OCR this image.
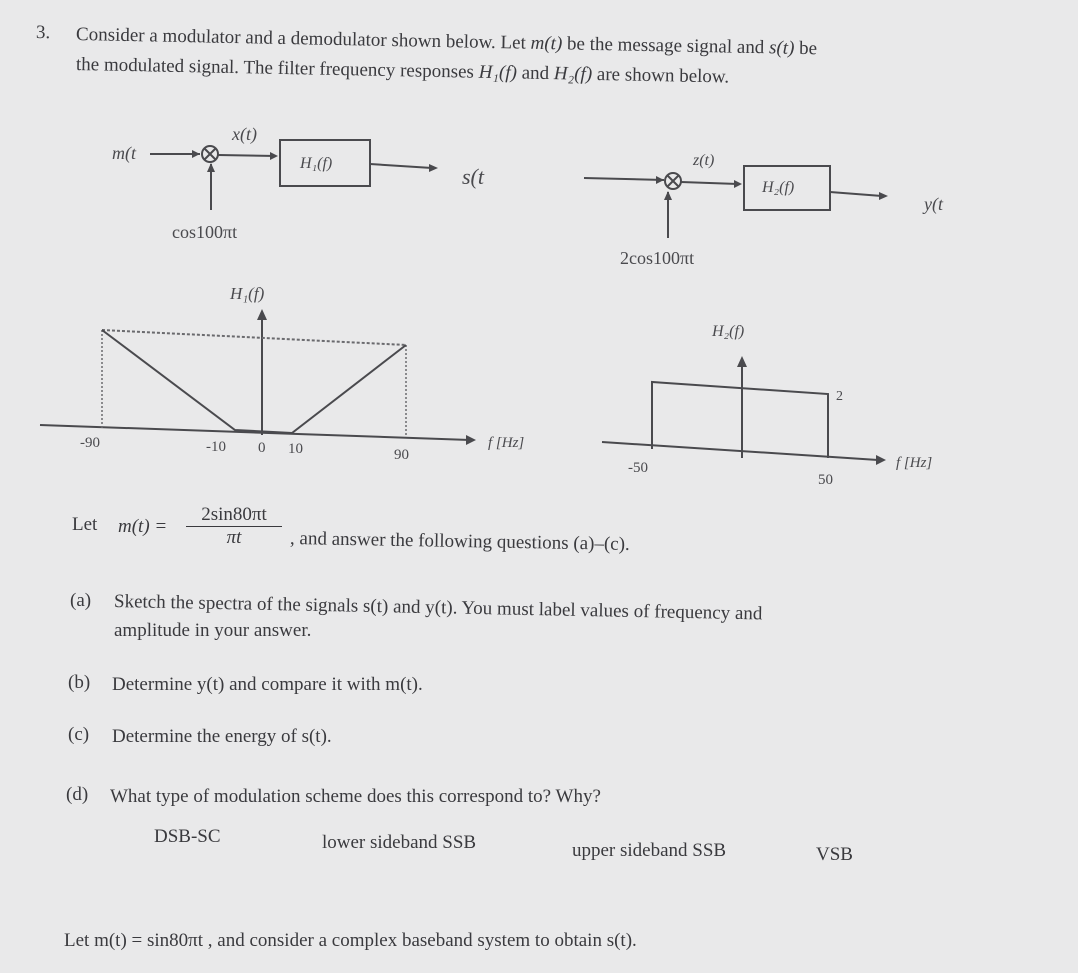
3. Consider a modulator and a demodulator shown below. Let m(t) be the message signal and s(t) be
the modulated signal. The filter frequency responses H₁(f) and H₂(f) are shown below.
m(t
x(t)
H₁(f)
s(t
cos100πt
z(t)
H₂(f)
y(t
2cos100πt
H₁(f)
-90	-10 0 10	90
f [Hz]
H₂(f)
2
-50
50
f [Hz]
Let $m(t) = \frac{2\sin 80\pi t}{\pi t}$ , and answer the following questions (a)–(c).
(a) Sketch the spectra of the signals s(t) and y(t). You must label values of frequency and
amplitude in your answer.
(b) Determine y(t) and compare it with m(t).
(c) Determine the energy of s(t).
(d) What type of modulation scheme does this correspond to? Why?
DSB-SC	lower sideband SSB	upper sideband SSB	VSB
Let m(t) = sin80πt , and consider a complex baseband system to obtain s(t).
